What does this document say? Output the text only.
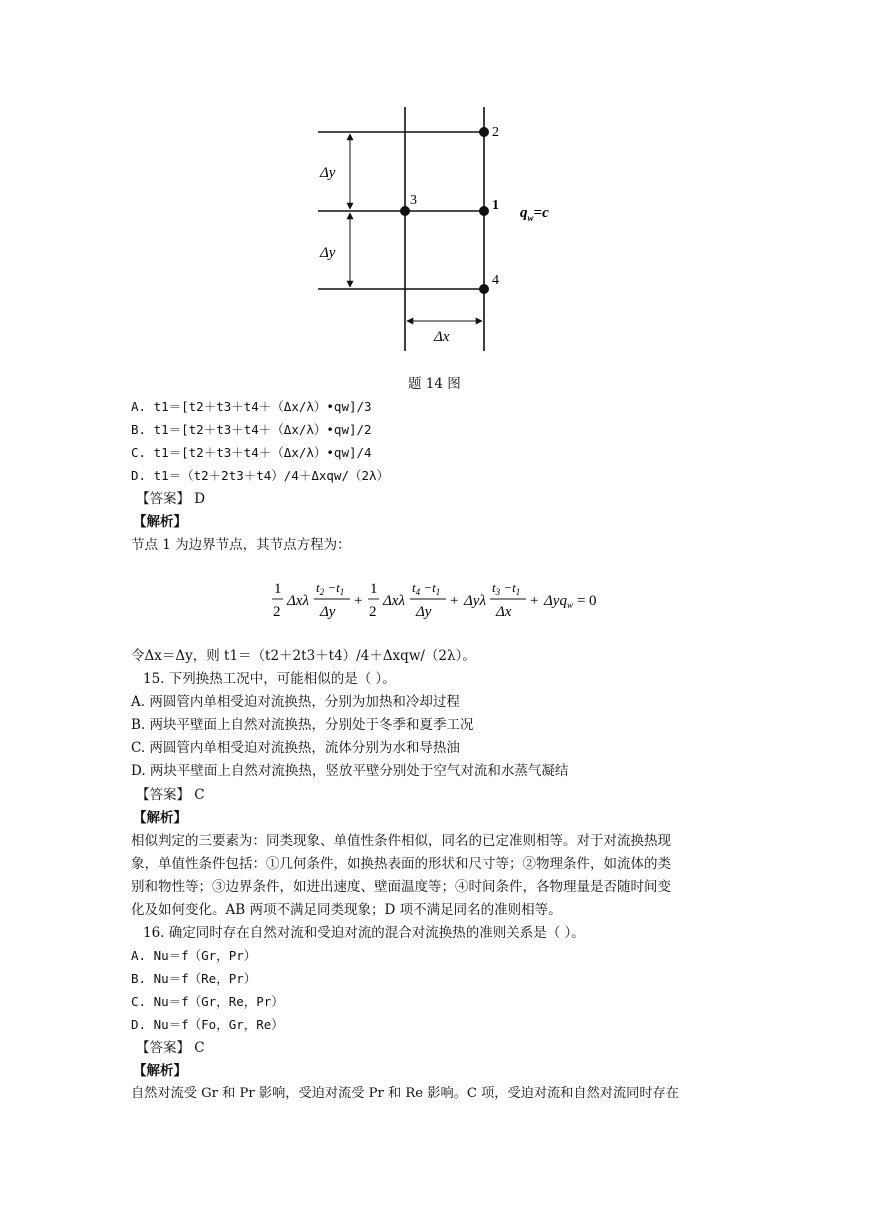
2
3	1
4
Δy
Δy
Δx
$q_w=c$
题 14 图
A. t1＝[t2＋t3＋t4＋（Δx/λ）•qw]/3
B. t1＝[t2＋t3＋t4＋（Δx/λ）•qw]/2
C. t1＝[t2＋t3＋t4＋（Δx/λ）•qw]/4
D. t1＝（t2＋2t3＋t4）/4＋Δxqw/（2λ）
【答案】 D
【解析】
节点 1 为边界节点，其节点方程为：
1
2
Δxλ
$t_2 -t_1$
Δy
+
1
2
Δxλ
$t_4 -t_1$
Δy
+ Δyλ
$t_3 -t_1$
Δx
+ Δyq$_w$ = 0
令Δx＝Δy，则 t1＝（t2＋2t3＋t4）/4＋Δxqw/（2λ）。
15. 下列换热工况中，可能相似的是（ ）。
A. 两圆管内单相受迫对流换热，分别为加热和冷却过程
B. 两块平壁面上自然对流换热，分别处于冬季和夏季工况
C. 两圆管内单相受迫对流换热，流体分别为水和导热油
D. 两块平壁面上自然对流换热，竖放平壁分别处于空气对流和水蒸气凝结
【答案】 C
【解析】
相似判定的三要素为：同类现象、单值性条件相似，同名的已定准则相等。对于对流换热现
象，单值性条件包括：①几何条件，如换热表面的形状和尺寸等；②物理条件，如流体的类
别和物性等；③边界条件，如进出速度、壁面温度等；④时间条件，各物理量是否随时间变
化及如何变化。AB 两项不满足同类现象；D 项不满足同名的准则相等。
16. 确定同时存在自然对流和受迫对流的混合对流换热的准则关系是（ ）。
A. Nu＝f（Gr，Pr）
B. Nu＝f（Re，Pr）
C. Nu＝f（Gr，Re，Pr）
D. Nu＝f（Fo，Gr，Re）
【答案】 C
【解析】
自然对流受 Gr 和 Pr 影响，受迫对流受 Pr 和 Re 影响。C 项，受迫对流和自然对流同时存在
